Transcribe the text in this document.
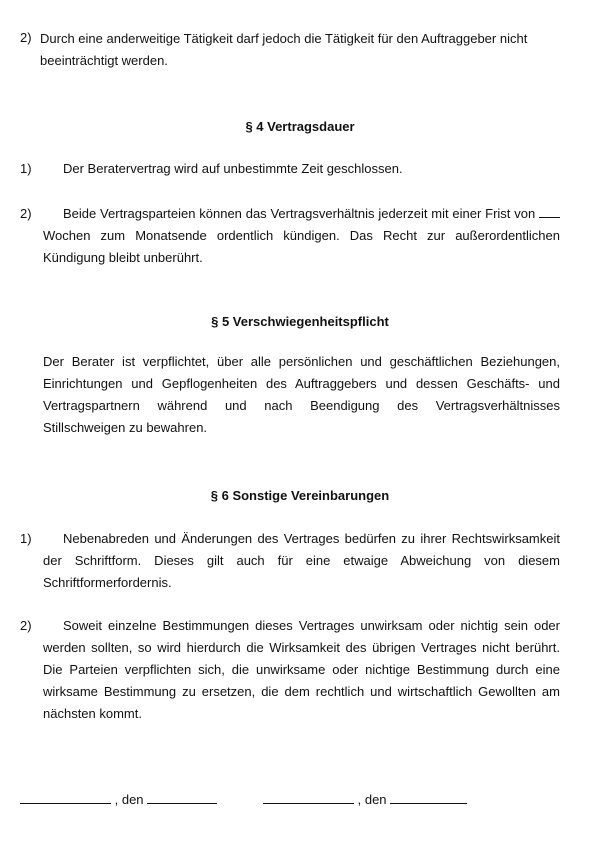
2) Durch eine anderweitige Tätigkeit darf jedoch die Tätigkeit für den Auftraggeber nicht beeinträchtigt werden.
§ 4 Vertragsdauer
1)	Der Beratervertrag wird auf unbestimmte Zeit geschlossen.
2)	Beide Vertragsparteien können das Vertragsverhältnis jederzeit mit einer Frist von  Wochen zum Monatsende ordentlich kündigen. Das Recht zur außerordentlichen Kündigung bleibt unberührt.
§ 5 Verschwiegenheitspflicht
Der Berater ist verpflichtet, über alle persönlichen und geschäftlichen Beziehungen, Einrichtungen und Gepflogenheiten des Auftraggebers und dessen Geschäfts- und Vertragspartnern während und nach Beendigung des Vertragsverhältnisses Stillschweigen zu bewahren.
§ 6 Sonstige Vereinbarungen
1)	Nebenabreden und Änderungen des Vertrages bedürfen zu ihrer Rechtswirksamkeit der Schriftform. Dieses gilt auch für eine etwaige Abweichung von diesem Schriftformerfordernis.
2)	Soweit einzelne Bestimmungen dieses Vertrages unwirksam oder nichtig sein oder werden sollten, so wird hierdurch die Wirksamkeit des übrigen Vertrages nicht berührt. Die Parteien verpflichten sich, die unwirksame oder nichtige Bestimmung durch eine wirksame Bestimmung zu ersetzen, die dem rechtlich und wirtschaftlich Gewollten am nächsten kommt.
, den	, den
